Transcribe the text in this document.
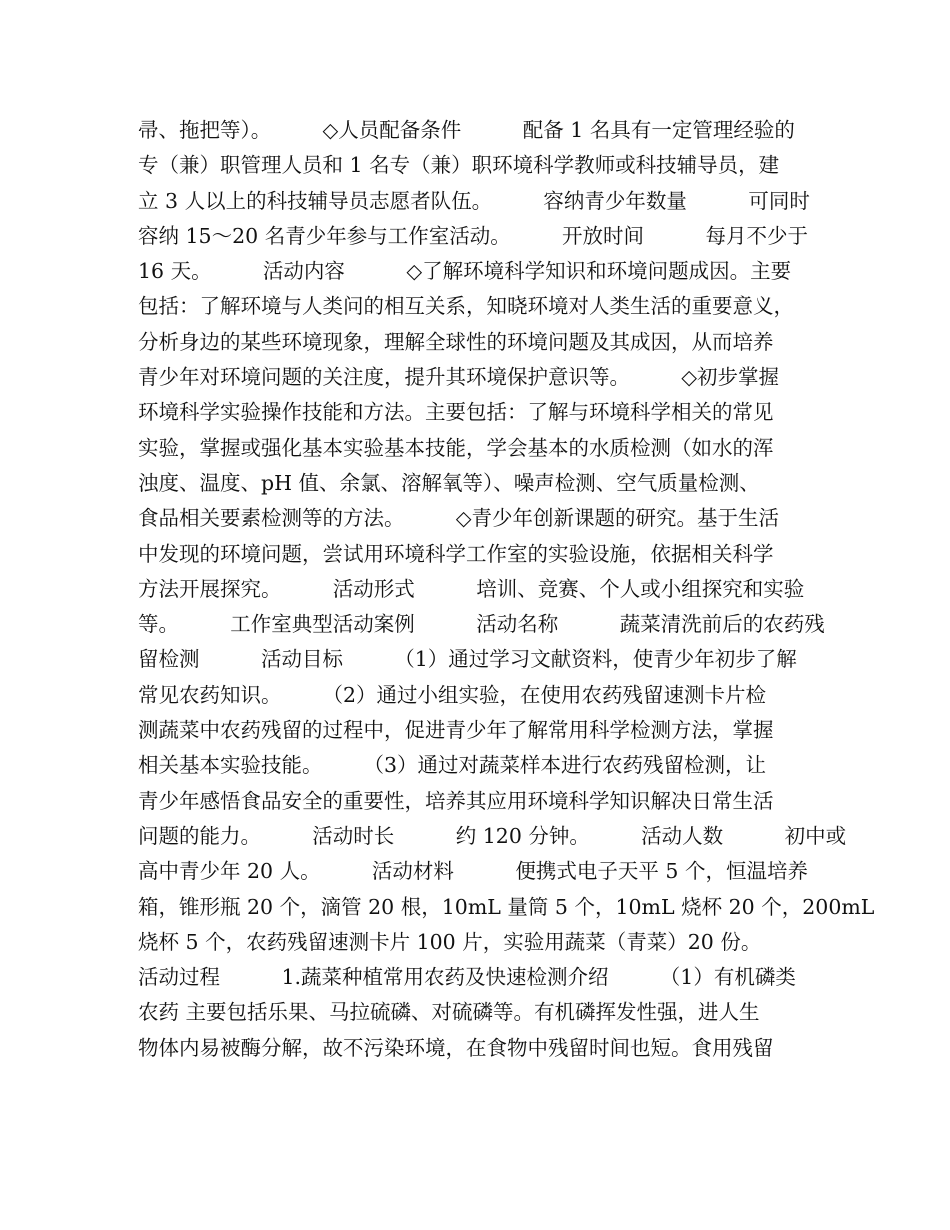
帚、拖把等）。　　　◇人员配备条件　　　配备 1 名具有一定管理经验的
专（兼）职管理人员和 1 名专（兼）职环境科学教师或科技辅导员，建
立 3 人以上的科技辅导员志愿者队伍。　　　容纳青少年数量　　　可同时
容纳 15～20 名青少年参与工作室活动。　　　开放时间　　　每月不少于
16 天。　　　活动内容　　　◇了解环境科学知识和环境问题成因。主要
包括：了解环境与人类问的相互关系，知晓环境对人类生活的重要意义，
分析身边的某些环境现象，理解全球性的环境问题及其成因，从而培养
青少年对环境问题的关注度，提升其环境保护意识等。　　　◇初步掌握
环境科学实验操作技能和方法。主要包括：了解与环境科学相关的常见
实验，掌握或强化基本实验基本技能，学会基本的水质检测（如水的浑
浊度、温度、pH 值、余氯、溶解氧等）、噪声检测、空气质量检测、
食品相关要素检测等的方法。　　　◇青少年创新课题的研究。基于生活
中发现的环境问题，尝试用环境科学工作室的实验设施，依据相关科学
方法开展探究。　　　活动形式　　　培训、竞赛、个人或小组探究和实验
等。　　　工作室典型活动案例　　　活动名称　　　蔬菜清洗前后的农药残
留检测　　　活动目标　　　（1）通过学习文献资料，使青少年初步了解
常见农药知识。　　　（2）通过小组实验，在使用农药残留速测卡片检
测蔬菜中农药残留的过程中，促进青少年了解常用科学检测方法，掌握
相关基本实验技能。　　　（3）通过对蔬菜样本进行农药残留检测，让
青少年感悟食品安全的重要性，培养其应用环境科学知识解决日常生活
问题的能力。　　　活动时长　　　约 120 分钟。　　　活动人数　　　初中或
高中青少年 20 人。　　　活动材料　　　便携式电子天平 5 个，恒温培养
箱，锥形瓶 20 个，滴管 20 根，10mL 量筒 5 个，10mL 烧杯 20 个，200mL
烧杯 5 个，农药残留速测卡片 100 片，实验用蔬菜（青菜）20 份。
活动过程　　　1.蔬菜种植常用农药及快速检测介绍　　　（1）有机磷类
农药 主要包括乐果、马拉硫磷、对硫磷等。有机磷挥发性强，进人生
物体内易被酶分解，故不污染环境，在食物中残留时间也短。食用残留
